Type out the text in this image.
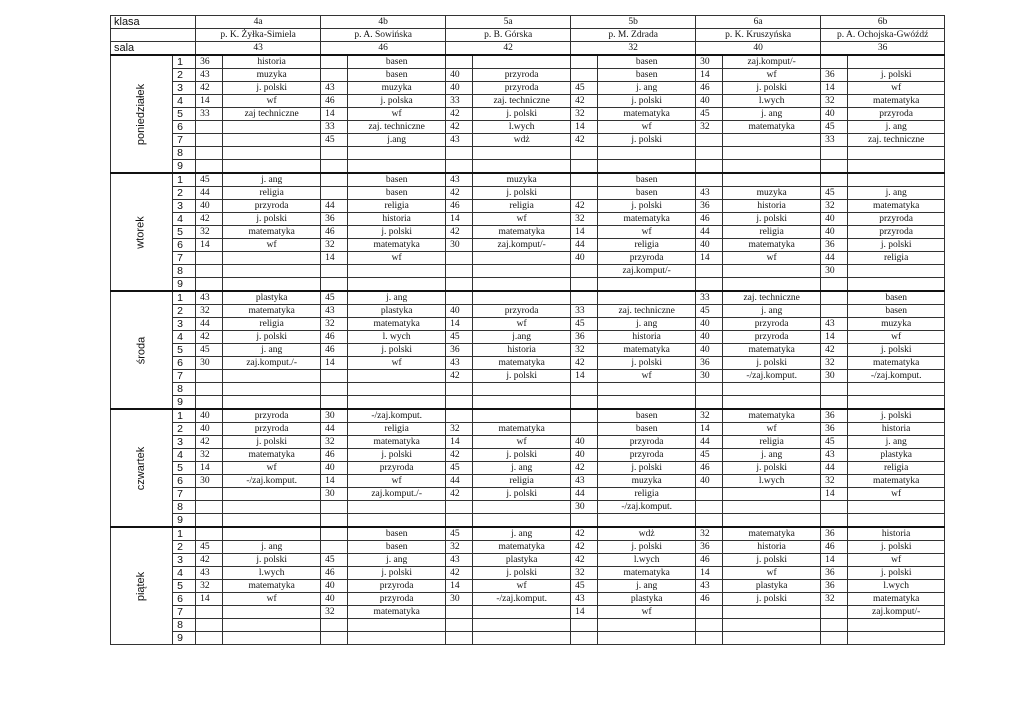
klasa		4a		4b		5a		5b		6a		6b	
		p. K. Żyłka-Simiela		p. A. Sowińska		p. B. Górska		p. M. Zdrada		p. K. Kruszyńska		p. A. Ochojska-Gwóźdź	
sala		43		46		42		32		40		36	
poniedziałek	1	36	historia		basen				basen	30	zaj.komput/-		
	2	43	muzyka		basen	40	przyroda		basen	14	wf	36	j. polski
	3	42	j. polski	43	muzyka	40	przyroda	45	j. ang	46	j. polski	14	wf
	4	14	wf	46	j. polska	33	zaj. techniczne	42	j. polski	40	l.wych	32	matematyka
	5	33	zaj techniczne	14	wf	42	j. polski	32	matematyka	45	j. ang	40	przyroda
	6			33	zaj. techniczne	42	l.wych	14	wf	32	matematyka	45	j. ang
	7			45	j.ang	43	wdż	42	j. polski			33	zaj. techniczne
	8												
	9												
wtorek	1	45	j. ang		basen	43	muzyka		basen				
	2	44	religia		basen	42	j. polski		basen	43	muzyka	45	j. ang
	3	40	przyroda	44	religia	46	religia	42	j. polski	36	historia	32	matematyka
	4	42	j. polski	36	historia	14	wf	32	matematyka	46	j. polski	40	przyroda
	5	32	matematyka	46	j. polski	42	matematyka	14	wf	44	religia	40	przyroda
	6	14	wf	32	matematyka	30	zaj.komput/-	44	religia	40	matematyka	36	j. polski
	7			14	wf			40	przyroda	14	wf	44	religia
	8								zaj.komput/-			30	
	9												
środa	1	43	plastyka	45	j. ang					33	zaj. techniczne		basen
	2	32	matematyka	43	plastyka	40	przyroda	33	zaj. techniczne	45	j. ang		basen
	3	44	religia	32	matematyka	14	wf	45	j. ang	40	przyroda	43	muzyka
	4	42	j. polski	46	l. wych	45	j.ang	36	historia	40	przyroda	14	wf
	5	45	j. ang	46	j. polski	36	historia	32	matematyka	40	matematyka	42	j. polski
	6	30	zaj.komput./-	14	wf	43	matematyka	42	j. polski	36	j. polski	32	matematyka
	7					42	j. polski	14	wf	30	-/zaj.komput.	30	-/zaj.komput.
	8												
	9												
czwartek	1	40	przyroda	30	-/zaj.komput.				basen	32	matematyka	36	j. polski
	2	40	przyroda	44	religia	32	matematyka		basen	14	wf	36	historia
	3	42	j. polski	32	matematyka	14	wf	40	przyroda	44	religia	45	j. ang
	4	32	matematyka	46	j. polski	42	j. polski	40	przyroda	45	j. ang	43	plastyka
	5	14	wf	40	przyroda	45	j. ang	42	j. polski	46	j. polski	44	religia
	6	30	-/zaj.komput.	14	wf	44	religia	43	muzyka	40	l.wych	32	matematyka
	7			30	zaj.komput./-	42	j. polski	44	religia			14	wf
	8							30	-/zaj.komput.				
	9												
piątek	1				basen	45	j. ang	42	wdż	32	matematyka	36	historia
	2	45	j. ang		basen	32	matematyka	42	j. polski	36	historia	46	j. polski
	3	42	j. polski	45	j. ang	43	plastyka	42	l.wych	46	j. polski	14	wf
	4	43	l.wych	46	j. polski	42	j. polski	32	matematyka	14	wf	36	j. polski
	5	32	matematyka	40	przyroda	14	wf	45	j. ang	43	plastyka	36	l.wych
	6	14	wf	40	przyroda	30	-/zaj.komput.	43	plastyka	46	j. polski	32	matematyka
	7			32	matematyka			14	wf				zaj.komput/-
	8												
	9												
